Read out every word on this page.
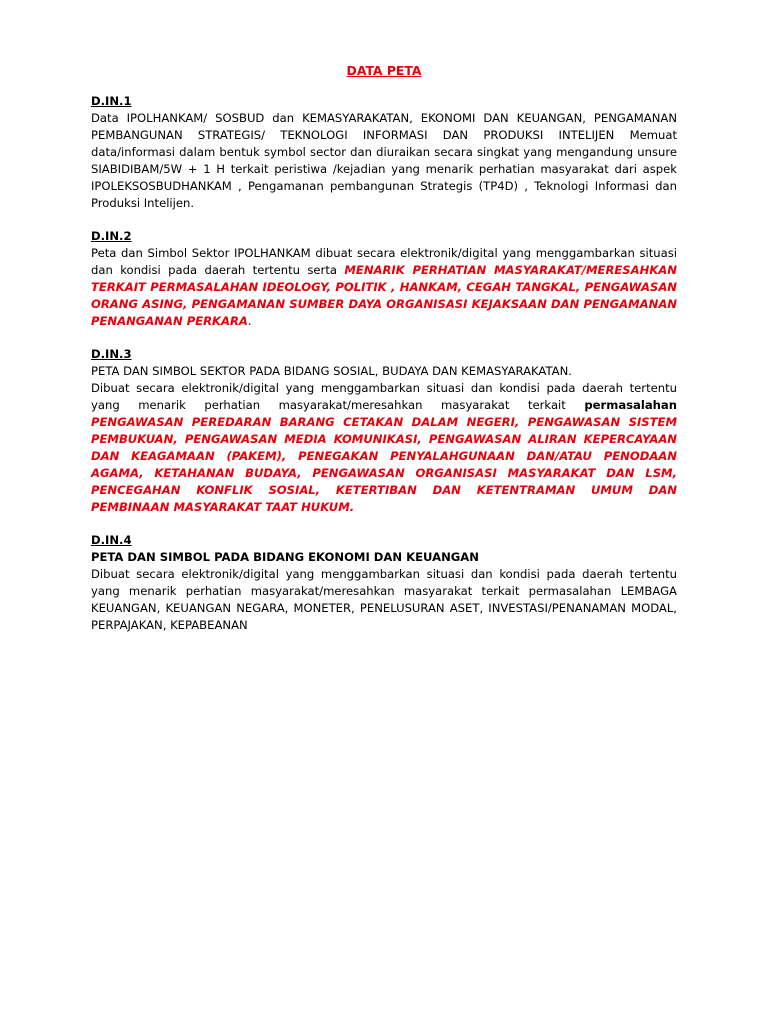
DATA PETA
D.IN.1

Data IPOLHANKAM/ SOSBUD dan KEMASYARAKATAN, EKONOMI DAN KEUANGAN, PENGAMANAN PEMBANGUNAN STRATEGIS/ TEKNOLOGI INFORMASI DAN PRODUKSI INTELIJEN Memuat data/informasi dalam bentuk symbol sector dan diuraikan secara singkat yang mengandung unsure SIABIDIBAM/5W + 1 H terkait peristiwa /kejadian yang menarik perhatian masyarakat dari aspek IPOLEKSOSBUDHANKAM , Pengamanan pembangunan Strategis (TP4D) , Teknologi Informasi dan Produksi Intelijen.

D.IN.2

Peta dan Simbol Sektor IPOLHANKAM dibuat secara elektronik/digital yang menggambarkan situasi dan kondisi pada daerah tertentu serta MENARIK PERHATIAN MASYARAKAT/MERESAHKAN TERKAIT PERMASALAHAN IDEOLOGY, POLITIK , HANKAM, CEGAH TANGKAL, PENGAWASAN ORANG ASING, PENGAMANAN SUMBER DAYA ORGANISASI KEJAKSAAN DAN PENGAMANAN PENANGANAN PERKARA.

D.IN.3
PETA DAN SIMBOL SEKTOR PADA BIDANG SOSIAL, BUDAYA DAN KEMASYARAKATAN.

Dibuat secara elektronik/digital yang menggambarkan situasi dan kondisi pada daerah tertentu yang menarik perhatian masyarakat/meresahkan masyarakat terkait permasalahan PENGAWASAN PEREDARAN BARANG CETAKAN DALAM NEGERI, PENGAWASAN SISTEM PEMBUKUAN, PENGAWASAN MEDIA KOMUNIKASI, PENGAWASAN ALIRAN KEPERCAYAAN DAN KEAGAMAAN (PAKEM), PENEGAKAN PENYALAHGUNAAN DAN/ATAU PENODAAN AGAMA, KETAHANAN BUDAYA, PENGAWASAN ORGANISASI MASYARAKAT DAN LSM, PENCEGAHAN KONFLIK SOSIAL, KETERTIBAN DAN KETENTRAMAN UMUM DAN PEMBINAAN MASYARAKAT TAAT HUKUM.

D.IN.4
PETA DAN SIMBOL PADA BIDANG EKONOMI DAN KEUANGAN

Dibuat secara elektronik/digital yang menggambarkan situasi dan kondisi pada daerah tertentu yang menarik perhatian masyarakat/meresahkan masyarakat terkait permasalahan LEMBAGA KEUANGAN, KEUANGAN NEGARA, MONETER, PENELUSURAN ASET, INVESTASI/PENANAMAN MODAL, PERPAJAKAN, KEPABEANAN
